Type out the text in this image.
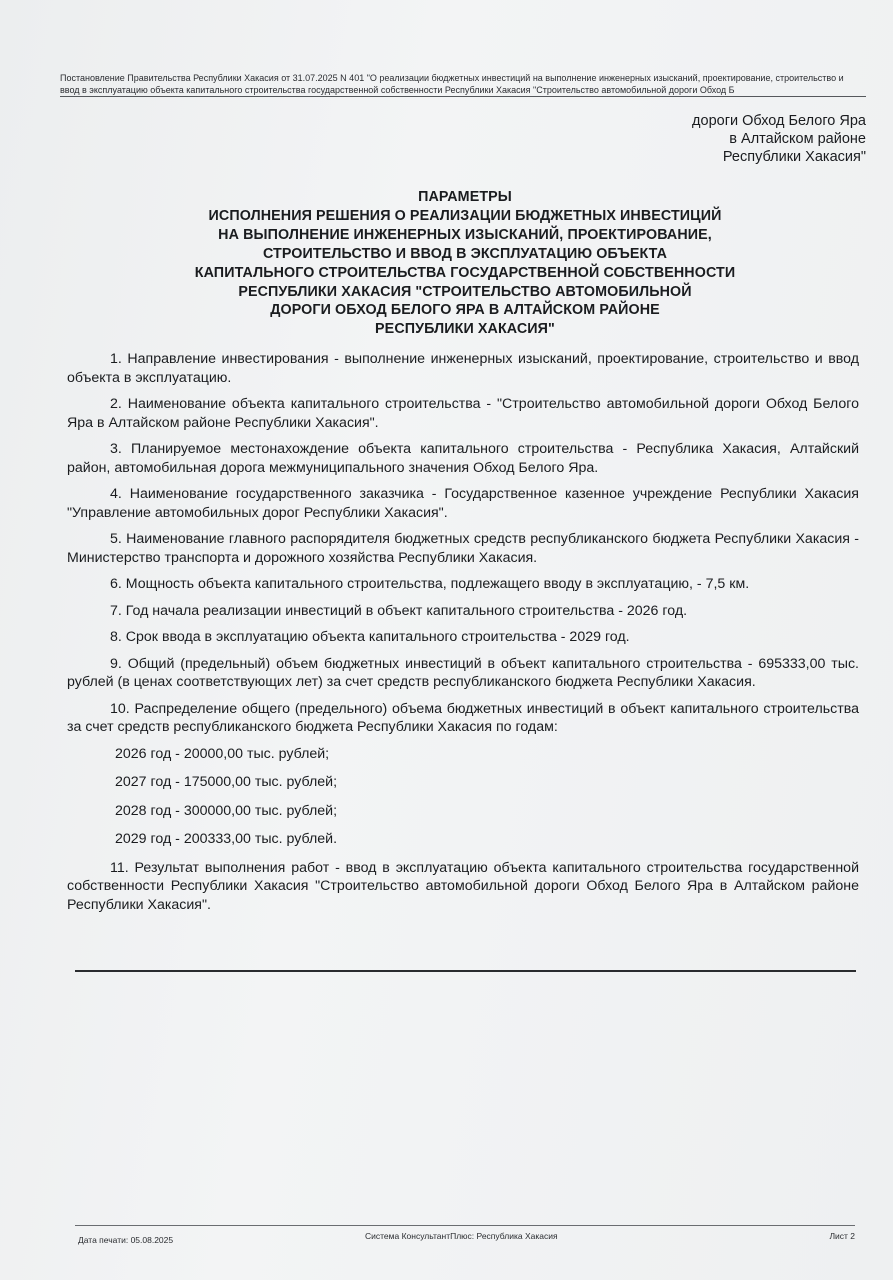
Постановление Правительства Республики Хакасия от 31.07.2025 N 401 "О реализации бюджетных инвестиций на выполнение инженерных изысканий, проектирование, строительство и ввод в эксплуатацию объекта капитального строительства государственной собственности Республики Хакасия "Строительство автомобильной дороги Обход Б
дороги Обход Белого Яра
в Алтайском районе
Республики Хакасия"
ПАРАМЕТРЫ
ИСПОЛНЕНИЯ РЕШЕНИЯ О РЕАЛИЗАЦИИ БЮДЖЕТНЫХ ИНВЕСТИЦИЙ
НА ВЫПОЛНЕНИЕ ИНЖЕНЕРНЫХ ИЗЫСКАНИЙ, ПРОЕКТИРОВАНИЕ,
СТРОИТЕЛЬСТВО И ВВОД В ЭКСПЛУАТАЦИЮ ОБЪЕКТА
КАПИТАЛЬНОГО СТРОИТЕЛЬСТВА ГОСУДАРСТВЕННОЙ СОБСТВЕННОСТИ
РЕСПУБЛИКИ ХАКАСИЯ "СТРОИТЕЛЬСТВО АВТОМОБИЛЬНОЙ
ДОРОГИ ОБХОД БЕЛОГО ЯРА В АЛТАЙСКОМ РАЙОНЕ
РЕСПУБЛИКИ ХАКАСИЯ"

1. Направление инвестирования - выполнение инженерных изысканий, проектирование, строительство и ввод объекта в эксплуатацию.

2. Наименование объекта капитального строительства - "Строительство автомобильной дороги Обход Белого Яра в Алтайском районе Республики Хакасия".

3. Планируемое местонахождение объекта капитального строительства - Республика Хакасия, Алтайский район, автомобильная дорога межмуниципального значения Обход Белого Яра.

4. Наименование государственного заказчика - Государственное казенное учреждение Республики Хакасия "Управление автомобильных дорог Республики Хакасия".

5. Наименование главного распорядителя бюджетных средств республиканского бюджета Республики Хакасия - Министерство транспорта и дорожного хозяйства Республики Хакасия.

6. Мощность объекта капитального строительства, подлежащего вводу в эксплуатацию, - 7,5 км.

7. Год начала реализации инвестиций в объект капитального строительства - 2026 год.

8. Срок ввода в эксплуатацию объекта капитального строительства - 2029 год.

9. Общий (предельный) объем бюджетных инвестиций в объект капитального строительства - 695333,00 тыс. рублей (в ценах соответствующих лет) за счет средств республиканского бюджета Республики Хакасия.

10. Распределение общего (предельного) объема бюджетных инвестиций в объект капитального строительства за счет средств республиканского бюджета Республики Хакасия по годам:

2026 год - 20000,00 тыс. рублей;

2027 год - 175000,00 тыс. рублей;

2028 год - 300000,00 тыс. рублей;

2029 год - 200333,00 тыс. рублей.

11. Результат выполнения работ - ввод в эксплуатацию объекта капитального строительства государственной собственности Республики Хакасия "Строительство автомобильной дороги Обход Белого Яра в Алтайском районе Республики Хакасия".

Дата печати: 05.08.2025	Система КонсультантПлюс: Республика Хакасия	Лист 2
